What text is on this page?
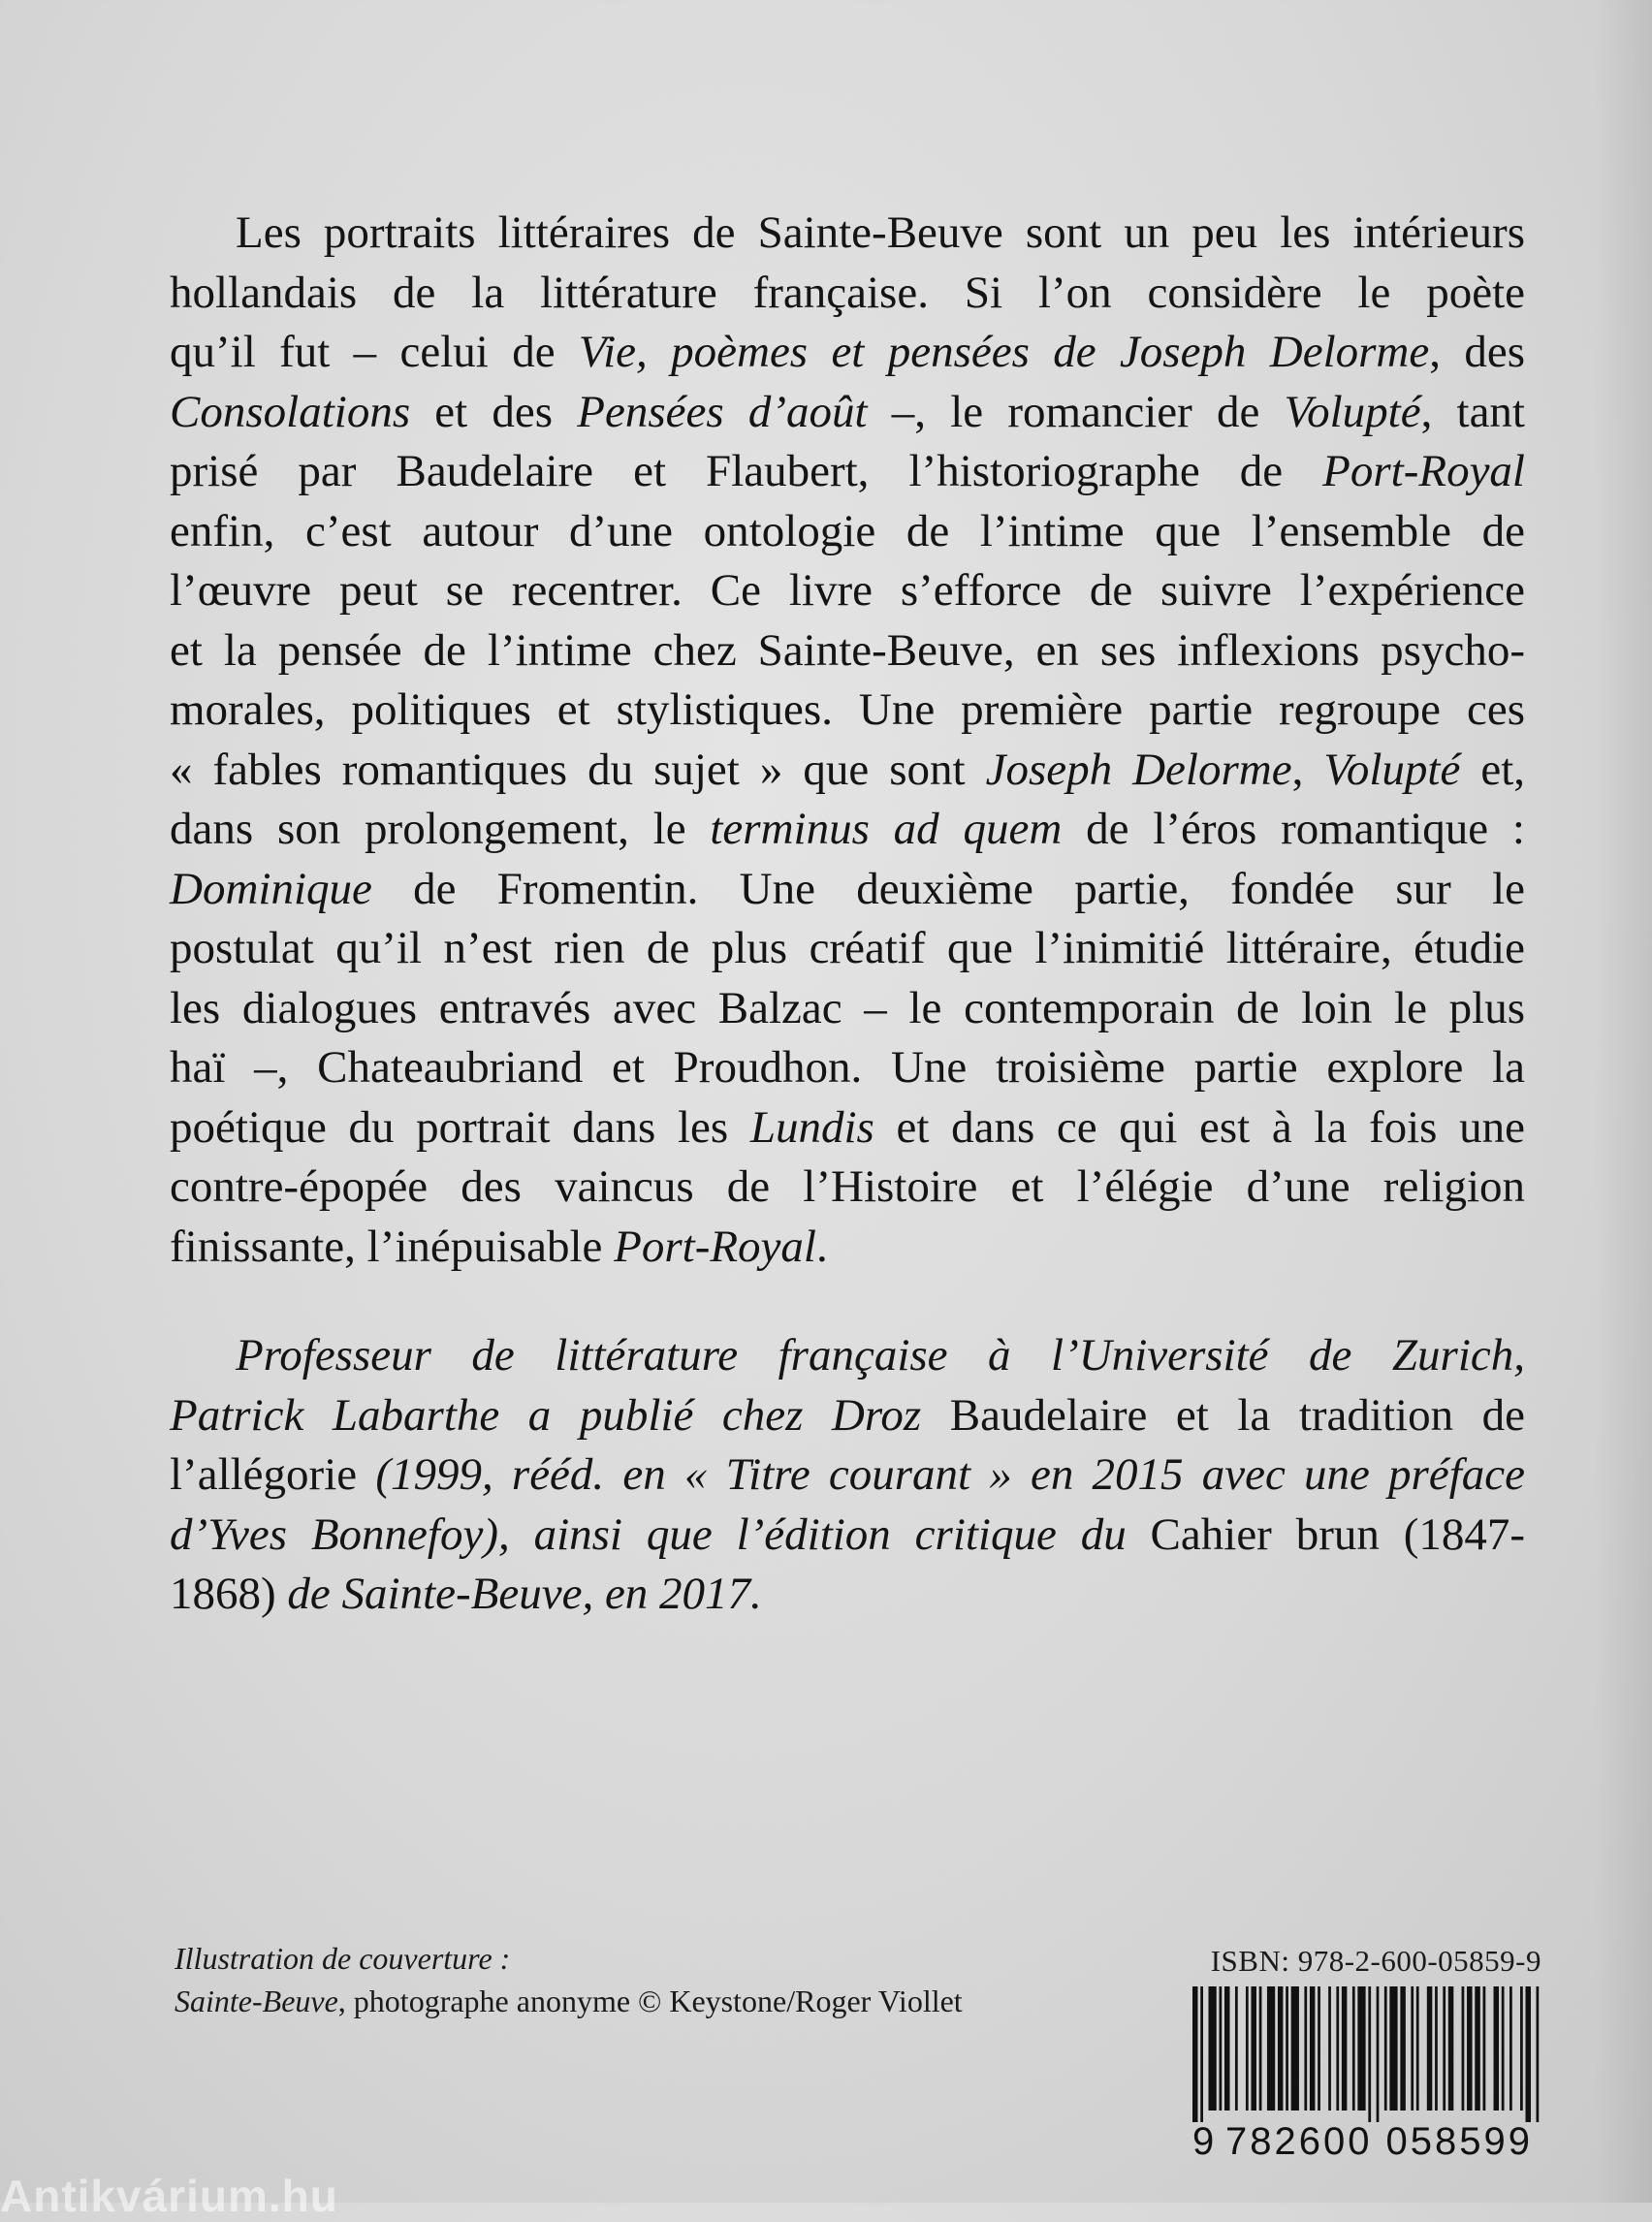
Les portraits littéraires de Sainte-Beuve sont un peu les intérieurs
hollandais de la littérature française. Si l’on considère le poète
qu’il fut – celui de Vie, poèmes et pensées de Joseph Delorme, des
Consolations et des Pensées d’août –, le romancier de Volupté, tant
prisé par Baudelaire et Flaubert, l’historiographe de Port-Royal
enfin, c’est autour d’une ontologie de l’intime que l’ensemble de
l’œuvre peut se recentrer. Ce livre s’efforce de suivre l’expérience
et la pensée de l’intime chez Sainte-Beuve, en ses inflexions psycho-
morales, politiques et stylistiques. Une première partie regroupe ces
« fables romantiques du sujet » que sont Joseph Delorme, Volupté et,
dans son prolongement, le terminus ad quem de l’éros romantique :
Dominique de Fromentin. Une deuxième partie, fondée sur le
postulat qu’il n’est rien de plus créatif que l’inimitié littéraire, étudie
les dialogues entravés avec Balzac – le contemporain de loin le plus
haï –, Chateaubriand et Proudhon. Une troisième partie explore la
poétique du portrait dans les Lundis et dans ce qui est à la fois une
contre-épopée des vaincus de l’Histoire et l’élégie d’une religion
finissante, l’inépuisable Port-Royal.
Professeur de littérature française à l’Université de Zurich,
Patrick Labarthe a publié chez Droz Baudelaire et la tradition de
l’allégorie (1999, rééd. en « Titre courant » en 2015 avec une préface
d’Yves Bonnefoy), ainsi que l’édition critique du Cahier brun (1847-
1868) de Sainte-Beuve, en 2017.
Illustration de couverture :
Sainte-Beuve, photographe anonyme © Keystone/Roger Viollet
ISBN: 978-2-600-05859-9
9 782600 058599
Antikvárium.hu
